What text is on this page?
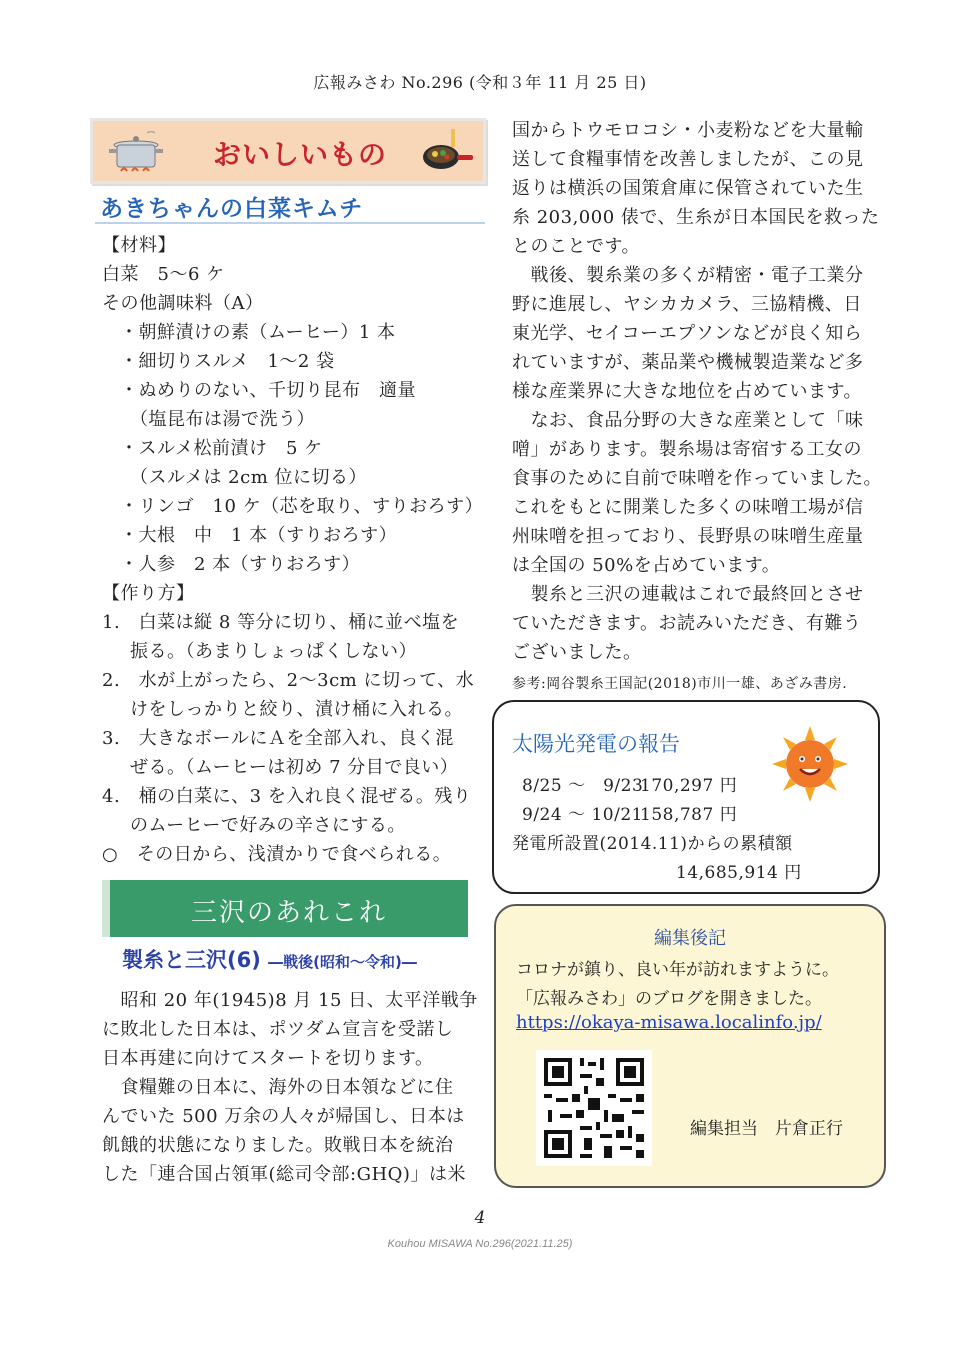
広報みさわ No.296 (令和３年 11 月 25 日)
おいしいもの
あきちゃんの白菜キムチ
【材料】
白菜　5〜6 ケ
その他調味料（A）
・朝鮮漬けの素（ムーヒー）1 本
・細切りスルメ　1〜2 袋
・ぬめりのない、千切り昆布　適量
（塩昆布は湯で洗う）
・スルメ松前漬け　5 ケ
（スルメは 2cm 位に切る）
・リンゴ　10 ケ（芯を取り、すりおろす）
・大根　中　1 本（すりおろす）
・人参　2 本（すりおろす）
【作り方】
1.　白菜は縦 8 等分に切り、桶に並べ塩を
振る。（あまりしょっぱくしない）
2.　水が上がったら、2〜3cm に切って、水
けをしっかりと絞り、漬け桶に入れる。
3.　大きなボールにＡを全部入れ、良く混
ぜる。（ムーヒーは初め 7 分目で良い）
4.　桶の白菜に、3 を入れ良く混ぜる。残り
のムーヒーで好みの辛さにする。
○　その日から、浅漬かりで食べられる。
三沢のあれこれ
製糸と三沢(6) ―戦後(昭和〜令和)―
　昭和 20 年(1945)8 月 15 日、太平洋戦争
に敗北した日本は、ポツダム宣言を受諾し
日本再建に向けてスタートを切ります。
　食糧難の日本に、海外の日本領などに住
んでいた 500 万余の人々が帰国し、日本は
飢餓的状態になりました。敗戦日本を統治
した「連合国占領軍(総司令部:GHQ)」は米
国からトウモロコシ・小麦粉などを大量輸
送して食糧事情を改善しましたが、この見
返りは横浜の国策倉庫に保管されていた生
糸 203,000 俵で、生糸が日本国民を救った
とのことです。
　戦後、製糸業の多くが精密・電子工業分
野に進展し、ヤシカカメラ、三協精機、日
東光学、セイコーエプソンなどが良く知ら
れていますが、薬品業や機械製造業など多
様な産業界に大きな地位を占めています。
　なお、食品分野の大きな産業として「味
噌」があります。製糸場は寄宿する工女の
食事のために自前で味噌を作っていました。
これをもとに開業した多くの味噌工場が信
州味噌を担っており、長野県の味噌生産量
は全国の 50%を占めています。
　製糸と三沢の連載はこれで最終回とさせ
ていただきます。お読みいただき、有難う
ございました。
参考:岡谷製糸王国記(2018)市川一雄、あざみ書房.
太陽光発電の報告
8/25 〜　9/23
170,297 円
9/24 〜 10/21
158,787 円
発電所設置(2014.11)からの累積額
14,685,914 円
編集後記
コロナが鎮り、良い年が訪れますように。
「広報みさわ」のブログを開きました。
https://okaya-misawa.localinfo.jp/
編集担当　片倉正行
4
Kouhou MISAWA No.296(2021.11.25)
